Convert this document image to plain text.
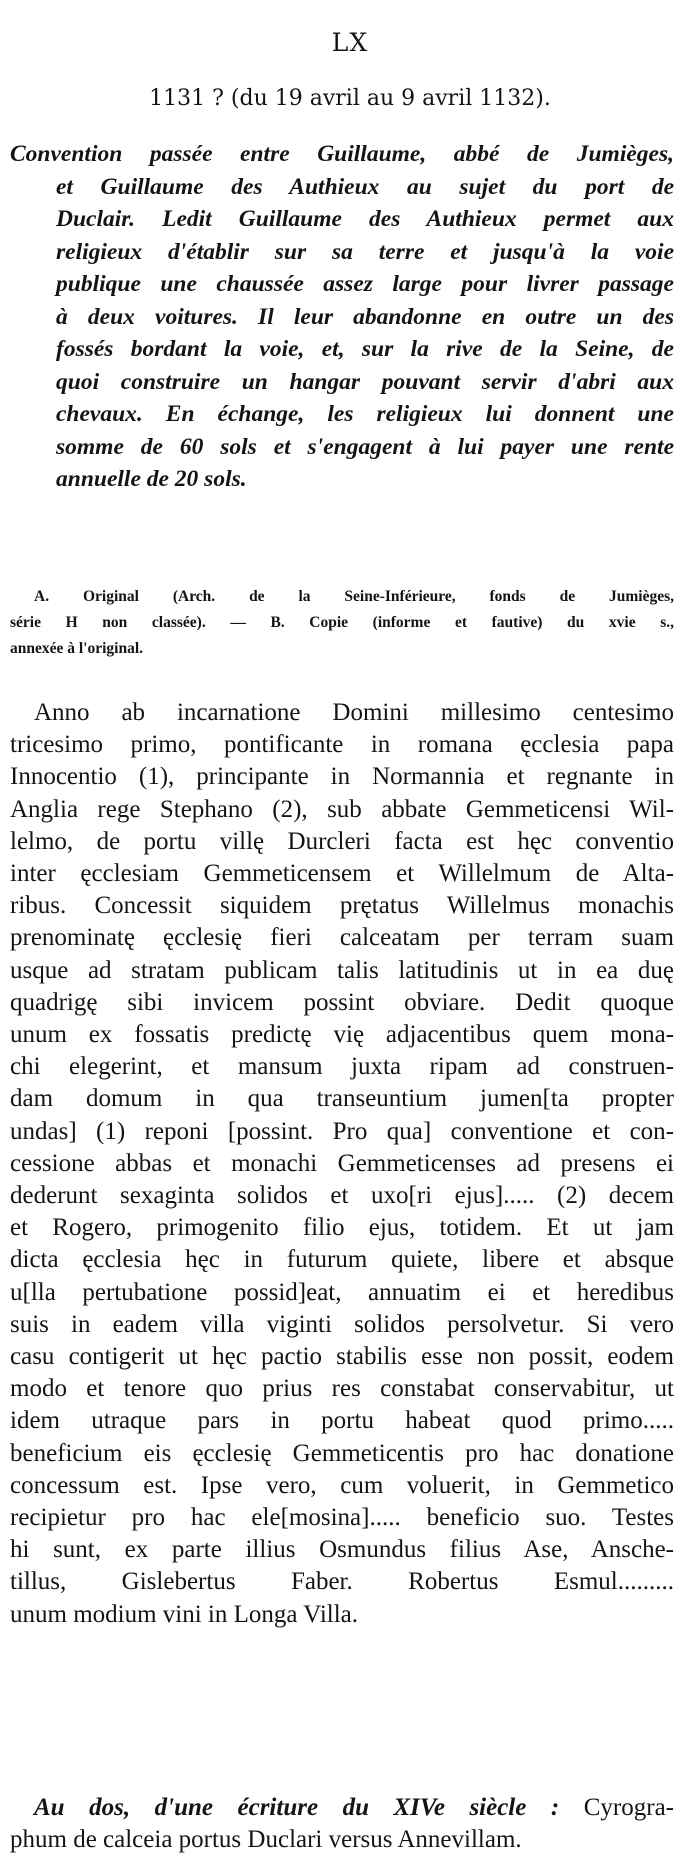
LX
1131 ? (du 19 avril au 9 avril 1132).
Convention passée entre Guillaume, abbé de Jumièges,
et Guillaume des Authieux au sujet du port de
Duclair. Ledit Guillaume des Authieux permet aux
religieux d'établir sur sa terre et jusqu'à la voie
publique une chaussée assez large pour livrer passage
à deux voitures. Il leur abandonne en outre un des
fossés bordant la voie, et, sur la rive de la Seine, de
quoi construire un hangar pouvant servir d'abri aux
chevaux. En échange, les religieux lui donnent une
somme de 60 sols et s'engagent à lui payer une rente
annuelle de 20 sols.
A. Original (Arch. de la Seine-Inférieure, fonds de Jumièges,
série H non classée). — B. Copie (informe et fautive) du xvie s.,
annexée à l'original.
Anno ab incarnatione Domini millesimo centesimo
tricesimo primo, pontificante in romana ęcclesia papa
Innocentio (1), principante in Normannia et regnante in
Anglia rege Stephano (2), sub abbate Gemmeticensi Wil-
lelmo, de portu villę Durcleri facta est hęc conventio
inter ęcclesiam Gemmeticensem et Willelmum de Alta-
ribus. Concessit siquidem prętatus Willelmus monachis
prenominatę ęcclesię fieri calceatam per terram suam
usque ad stratam publicam talis latitudinis ut in ea duę
quadrigę sibi invicem possint obviare. Dedit quoque
unum ex fossatis predictę vię adjacentibus quem mona-
chi elegerint, et mansum juxta ripam ad construen-
dam domum in qua transeuntium jumen[ta propter
undas] (1) reponi [possint. Pro qua] conventione et con-
cessione abbas et monachi Gemmeticenses ad presens ei
dederunt sexaginta solidos et uxo[ri ejus]..... (2) decem
et Rogero, primogenito filio ejus, totidem. Et ut jam
dicta ęcclesia hęc in futurum quiete, libere et absque
u[lla pertubatione possid]eat, annuatim ei et heredibus
suis in eadem villa viginti solidos persolvetur. Si vero
casu contigerit ut hęc pactio stabilis esse non possit, eodem
modo et tenore quo prius res constabat conservabitur, ut
idem utraque pars in portu habeat quod primo.....
beneficium eis ęcclesię Gemmeticentis pro hac donatione
concessum est. Ipse vero, cum voluerit, in Gemmetico
recipietur pro hac ele[mosina]..... beneficio suo. Testes
hi sunt, ex parte illius Osmundus filius Ase, Ansche-
tillus, Gislebertus Faber. Robertus Esmul.........
unum modium vini in Longa Villa.
Au dos, d'une écriture du XIVe siècle : Cyrogra-
phum de calceia portus Duclari versus Annevillam.
